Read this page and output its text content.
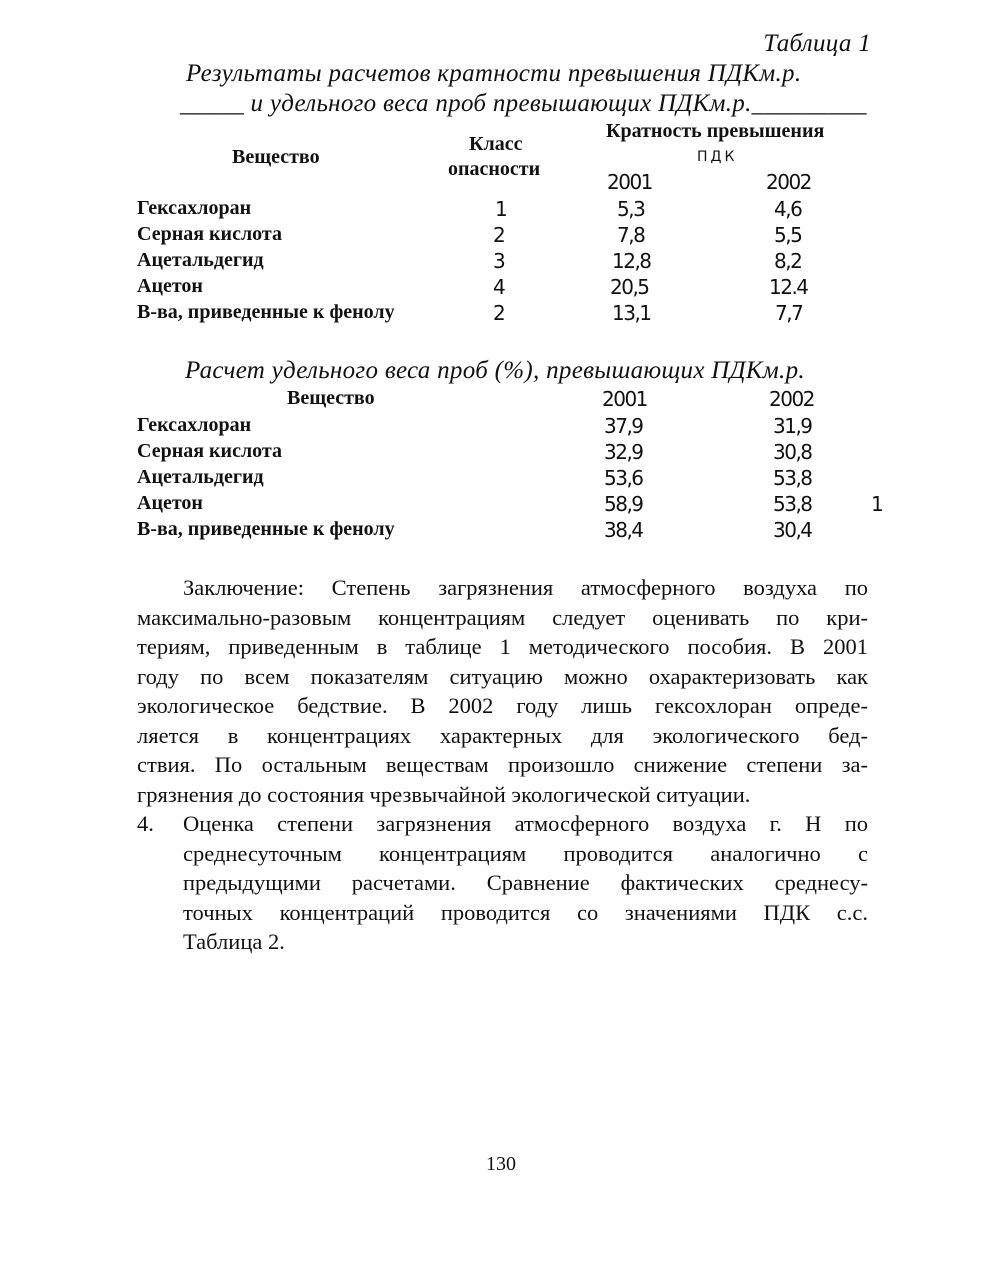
Таблица 1
Результаты расчетов кратности превышения ПДКм.р.
_____ и удельного веса проб превышающих ПДКм.р._________
Вещество
Класс
опасности
Кратность превышения
ПДК
2001	2002
Гексахлоран	1	5,3	4,6
Серная кислота	2	7,8	5,5
Ацетальдегид	3	12,8	8,2
Ацетон	4	20,5	12.4
В-ва, приведенные к фенолу	2	13,1	7,7
Расчет удельного веса проб (%), превышающих ПДКм.р.
Вещество	2001	2002
Гексахлоран	37,9	31,9
Серная кислота	32,9	30,8
Ацетальдегид	53,6	53,8
Ацетон	58,9	53,8
В-ва, приведенные к фенолу	38,4	30,4
1
Заключение: Степень загрязнения атмосферного воздуха по
максимально-разовым концентрациям следует оценивать по кри-
териям, приведенным в таблице 1 методического пособия. В 2001
году по всем показателям ситуацию можно охарактеризовать как
экологическое бедствие. В 2002 году лишь гексохлоран опреде-
ляется в концентрациях характерных для экологического бед-
ствия. По остальным веществам произошло снижение степени за-
грязнения до состояния чрезвычайной экологической ситуации.
4. Оценка степени загрязнения атмосферного воздуха г. Н по
среднесуточным концентрациям проводится аналогично с
предыдущими расчетами. Сравнение фактических среднесу-
точных концентраций проводится со значениями ПДК с.с.
Таблица 2.
130
